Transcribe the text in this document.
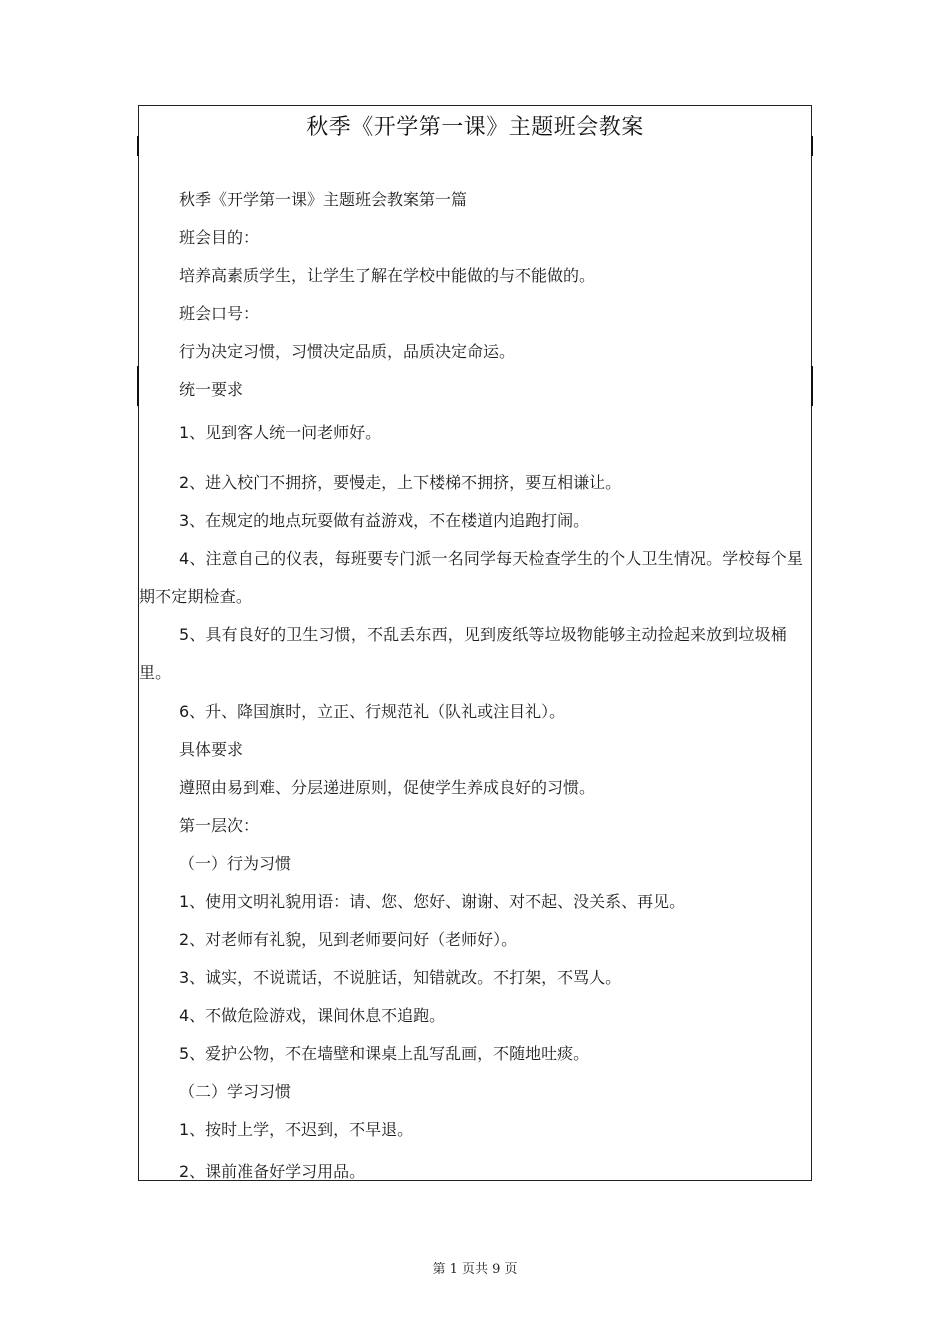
秋季《开学第一课》主题班会教案
秋季《开学第一课》主题班会教案第一篇
班会目的：
培养高素质学生，让学生了解在学校中能做的与不能做的。
班会口号：
行为决定习惯，习惯决定品质，品质决定命运。
统一要求
1、见到客人统一问老师好。
2、进入校门不拥挤，要慢走，上下楼梯不拥挤，要互相谦让。
3、在规定的地点玩耍做有益游戏，不在楼道内追跑打闹。
4、注意自己的仪表，每班要专门派一名同学每天检查学生的个人卫生情况。学校每个星期不定期检查。
5、具有良好的卫生习惯，不乱丢东西，见到废纸等垃圾物能够主动捡起来放到垃圾桶里。
6、升、降国旗时，立正、行规范礼（队礼或注目礼）。
具体要求
遵照由易到难、分层递进原则，促使学生养成良好的习惯。
第一层次：
（一）行为习惯
1、使用文明礼貌用语：请、您、您好、谢谢、对不起、没关系、再见。
2、对老师有礼貌，见到老师要问好（老师好）。
3、诚实，不说谎话，不说脏话，知错就改。不打架，不骂人。
4、不做危险游戏，课间休息不追跑。
5、爱护公物，不在墙壁和课桌上乱写乱画，不随地吐痰。
（二）学习习惯
1、按时上学，不迟到，不早退。
2、课前准备好学习用品。
第 1 页共 9 页
